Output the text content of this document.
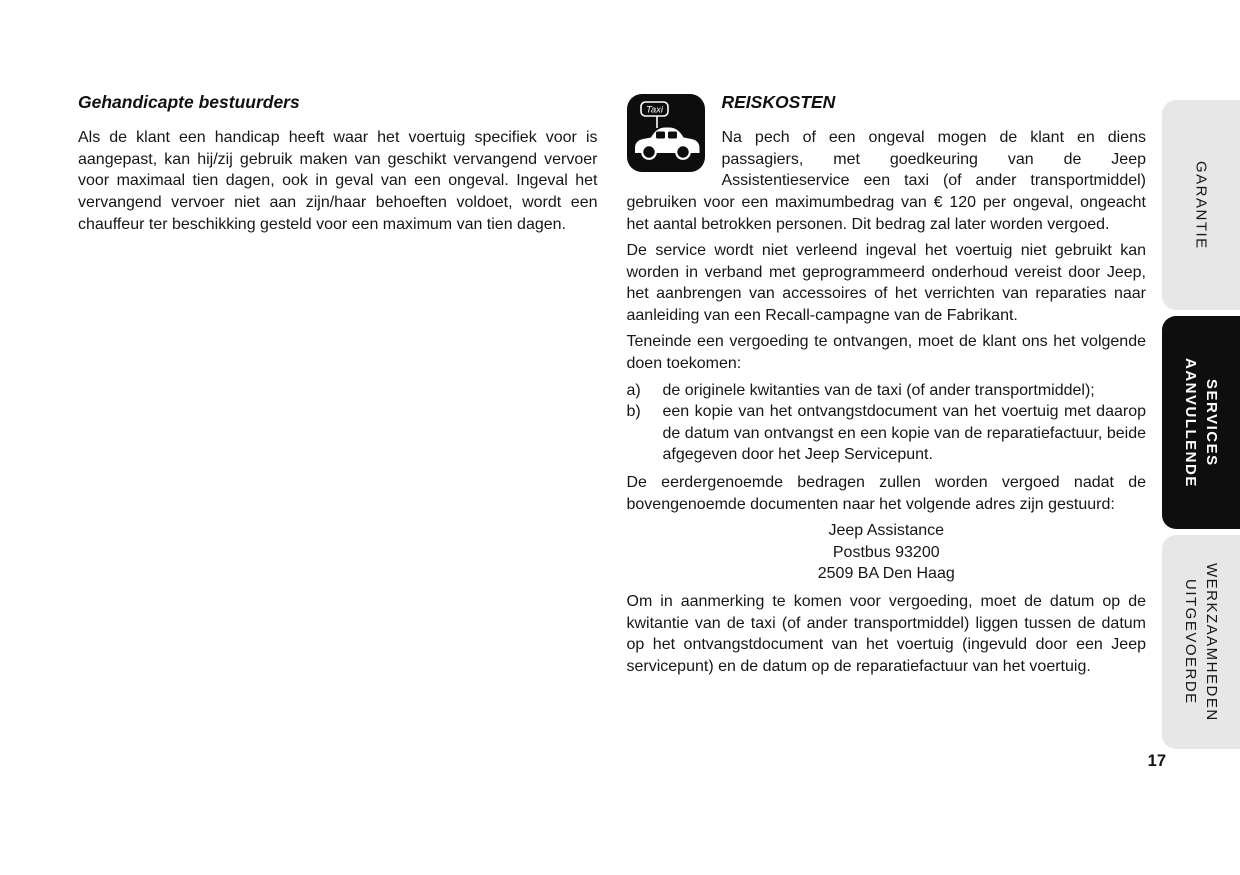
Gehandicapte bestuurders

Als de klant een handicap heeft waar het voertuig specifiek voor is aangepast, kan hij/zij gebruik maken van geschikt vervangend vervoer voor maximaal tien dagen, ook in geval van een ongeval. Ingeval het vervangend vervoer niet aan zijn/haar behoeften voldoet, wordt een chauffeur ter beschikking gesteld voor een maximum van tien dagen.

Taxi	REISKOSTEN

Na pech of een ongeval mogen de klant en diens passagiers, met goedkeuring van de Jeep Assistentieservice een taxi (of ander transportmiddel) gebruiken voor een maximumbedrag van € 120 per ongeval, ongeacht het aantal betrokken personen. Dit bedrag zal later worden vergoed.

De service wordt niet verleend ingeval het voertuig niet gebruikt kan worden in verband met geprogrammeerd onderhoud vereist door Jeep, het aanbrengen van accessoires of het verrichten van reparaties naar aanleiding van een Recall-campagne van de Fabrikant.

Teneinde een vergoeding te ontvangen, moet de klant ons het volgende doen toekomen:

a)	de originele kwitanties van de taxi (of ander transportmiddel);
b)	een kopie van het ontvangstdocument van het voertuig met daarop de datum van ontvangst en een kopie van de reparatiefactuur, beide afgegeven door het Jeep Servicepunt.

De eerdergenoemde bedragen zullen worden vergoed nadat de bovengenoemde documenten naar het volgende adres zijn gestuurd:

Jeep Assistance
Postbus 93200
2509 BA Den Haag

Om in aanmerking te komen voor vergoeding, moet de datum op de kwitantie van de taxi (of ander transportmiddel) liggen tussen de datum op het ontvangstdocument van het voertuig (ingevuld door een Jeep servicepunt) en de datum op de reparatiefactuur van het voertuig.

GARANTIE
AANVULLENDE SERVICES
UITGEVOERDE WERKZAAMHEDEN
17
